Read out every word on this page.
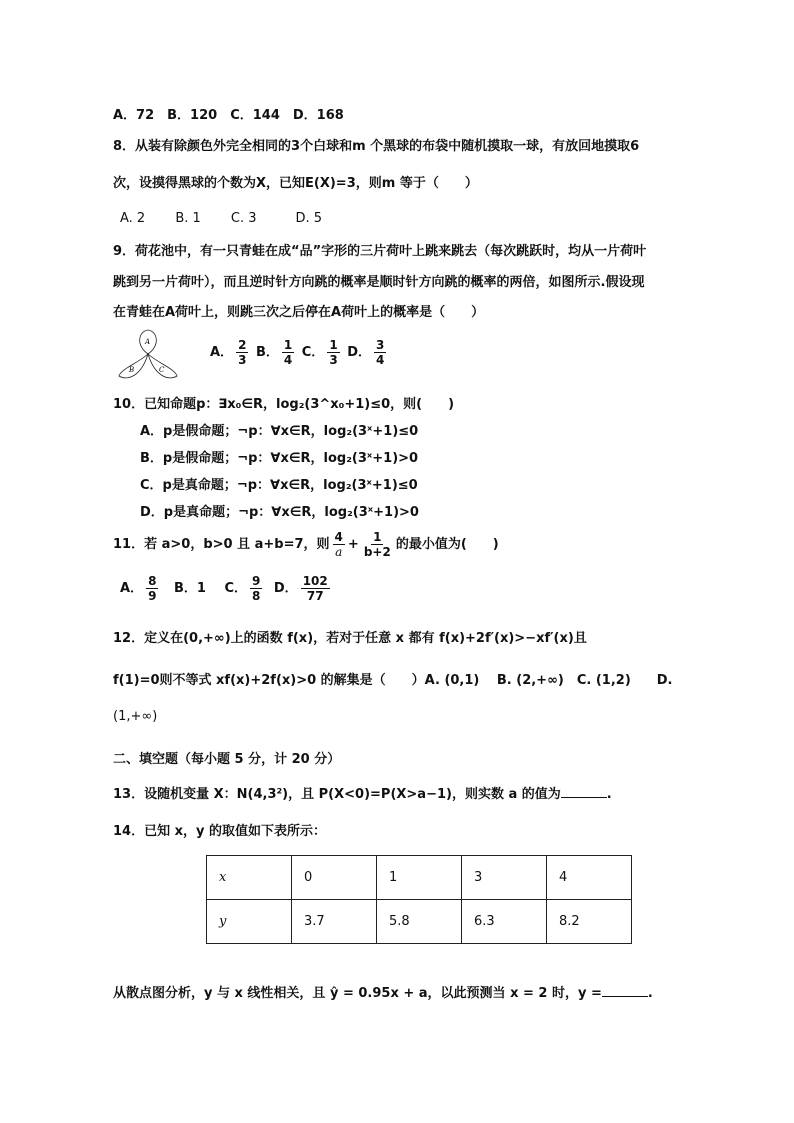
A．72　B．120　C．144　D．168
8．从装有除颜色外完全相同的3个白球和m 个黑球的布袋中随机摸取一球，有放回地摸取6
次，设摸得黑球的个数为X，已知E(X)=3，则m 等于（　　）
A. 2　　 B. 1　　 C. 3　　　D. 5
9．荷花池中，有一只青蛙在成“品”字形的三片荷叶上跳来跳去（每次跳跃时，均从一片荷叶
跳到另一片荷叶），而且逆时针方向跳的概率是顺时针方向跳的概率的两倍，如图所示.假设现
在青蛙在A荷叶上，则跳三次之后停在A荷叶上的概率是（　　）
A
B	C
A． $\frac{2}{3}$ B． $\frac{1}{4}$ C． $\frac{1}{3}$ D． $\frac{3}{4}$
10．已知命题p：∃x₀∈R，log₂(3^x₀+1)≤0，则(　　)
A．p是假命题；¬p：∀x∈R，log₂(3ˣ+1)≤0
B．p是假命题；¬p：∀x∈R，log₂(3ˣ+1)>0
C．p是真命题；¬p：∀x∈R，log₂(3ˣ+1)≤0
D．p是真命题；¬p：∀x∈R，log₂(3ˣ+1)>0
11．若 a>0，b>0 且 a+b=7，则 $\frac{4}{a} + \frac{1}{b+2}$ 的最小值为(　　)
A． $\frac{8}{9}$ B．1 C． $\frac{9}{8}$ D． $\frac{102}{77}$
12．定义在(0,+∞)上的函数 f(x)，若对于任意 x 都有 f(x)+2f′(x)>−xf′(x)且
f(1)=0则不等式 xf(x)+2f(x)>0 的解集是（　　）A. (0,1)　 B. (2,+∞)　C. (1,2)　　D.
(1,+∞)
二、填空题（每小题 5 分，计 20 分）
13．设随机变量 X：N(4,3²)，且 P(X<0)=P(X>a−1)，则实数 a 的值为	.
14．已知 x，y 的取值如下表所示：
x	0	1	3	4
y	3.7	5.8	6.3	8.2
从散点图分析，y 与 x 线性相关，且 ŷ = 0.95x + a，以此预测当 x = 2 时，y =	.
